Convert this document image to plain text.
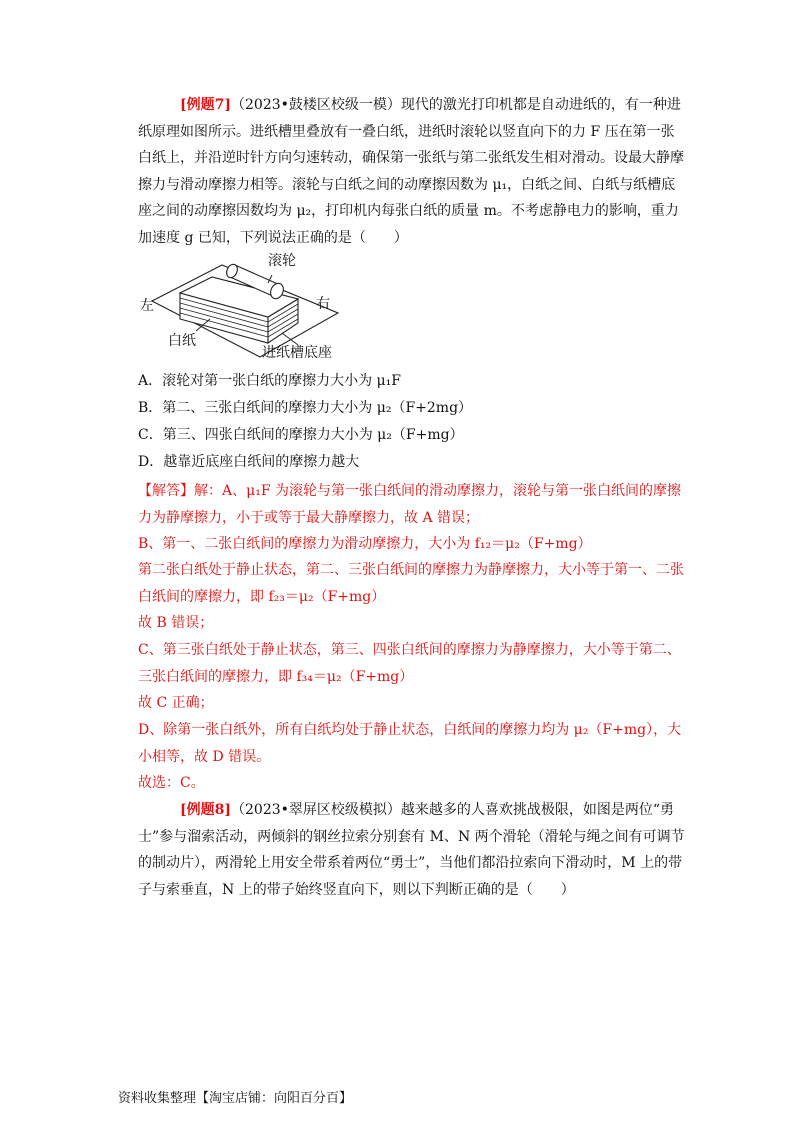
[例题7]（2023•鼓楼区校级一模）现代的激光打印机都是自动进纸的，有一种进纸原理如图所示。进纸槽里叠放有一叠白纸，进纸时滚轮以竖直向下的力 F 压在第一张白纸上，并沿逆时针方向匀速转动，确保第一张纸与第二张纸发生相对滑动。设最大静摩擦力与滑动摩擦力相等。滚轮与白纸之间的动摩擦因数为 μ₁，白纸之间、白纸与纸槽底座之间的动摩擦因数均为 μ₂，打印机内每张白纸的质量 m。不考虑静电力的影响，重力加速度 g 已知，下列说法正确的是（　　）

滚轮
左	右
白纸
进纸槽底座
A．滚轮对第一张白纸的摩擦力大小为 μ₁F
B．第二、三张白纸间的摩擦力大小为 μ₂（F+2mg）
C．第三、四张白纸间的摩擦力大小为 μ₂（F+mg）
D．越靠近底座白纸间的摩擦力越大

【解答】解：A、μ₁F 为滚轮与第一张白纸间的滑动摩擦力，滚轮与第一张白纸间的摩擦力为静摩擦力，小于或等于最大静摩擦力，故 A 错误；

B、第一、二张白纸间的摩擦力为滑动摩擦力，大小为 f₁₂＝μ₂（F+mg）

第二张白纸处于静止状态，第二、三张白纸间的摩擦力为静摩擦力，大小等于第一、二张白纸间的摩擦力，即 f₂₃＝μ₂（F+mg）

故 B 错误；

C、第三张白纸处于静止状态，第三、四张白纸间的摩擦力为静摩擦力，大小等于第二、三张白纸间的摩擦力，即 f₃₄＝μ₂（F+mg）

故 C 正确；

D、除第一张白纸外，所有白纸均处于静止状态，白纸间的摩擦力均为 μ₂（F+mg），大小相等，故 D 错误。

故选：C。

[例题8]（2023•翠屏区校级模拟）越来越多的人喜欢挑战极限，如图是两位“勇士”参与溜索活动，两倾斜的钢丝拉索分别套有 M、N 两个滑轮（滑轮与绳之间有可调节的制动片），两滑轮上用安全带系着两位“勇士”，当他们都沿拉索向下滑动时，M 上的带子与索垂直，N 上的带子始终竖直向下，则以下判断正确的是（　　）

资料收集整理【淘宝店铺：向阳百分百】
